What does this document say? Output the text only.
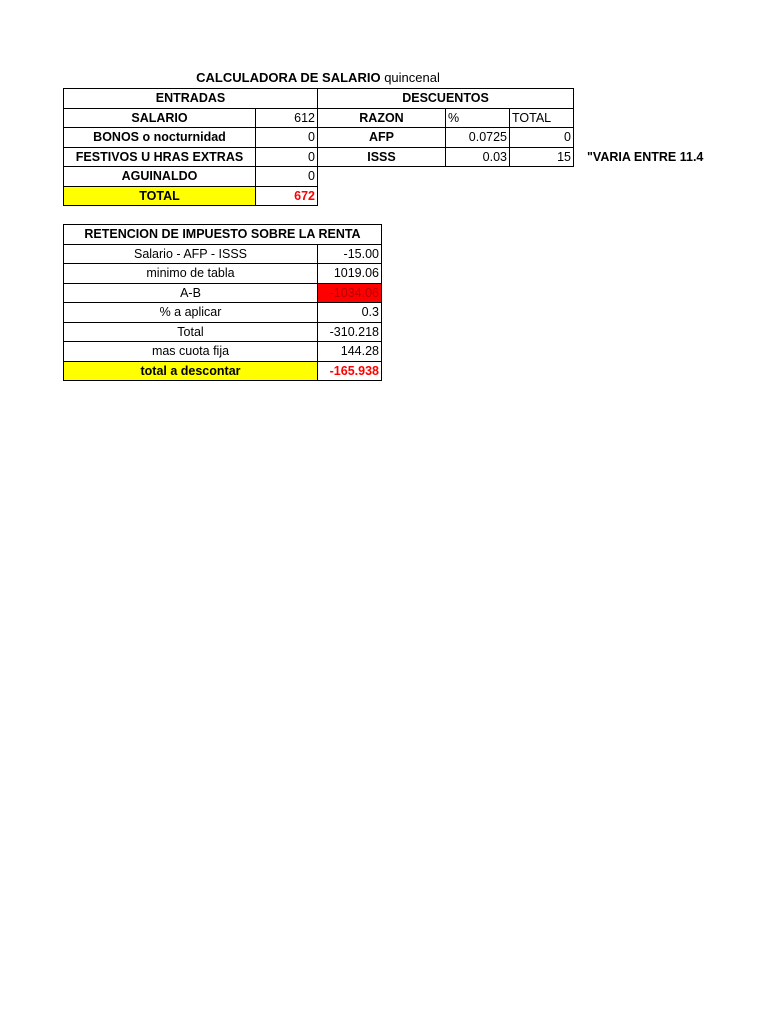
CALCULADORA DE SALARIO quincenal
ENTRADAS		DESCUENTOS		
SALARIO	612	RAZON	%	TOTAL
BONOS o nocturnidad	0	AFP	0.0725	0
FESTIVOS U HRAS EXTRAS	0	ISSS	0.03	15
AGUINALDO	0			
TOTAL	672			
"VARIA ENTRE 11.4
RETENCION DE IMPUESTO SOBRE LA RENTA	
Salario - AFP - ISSS	-15.00
minimo de tabla	1019.06
A-B	-1034.06
% a aplicar	0.3
Total	-310.218
mas cuota fija	144.28
total a descontar	-165.938
